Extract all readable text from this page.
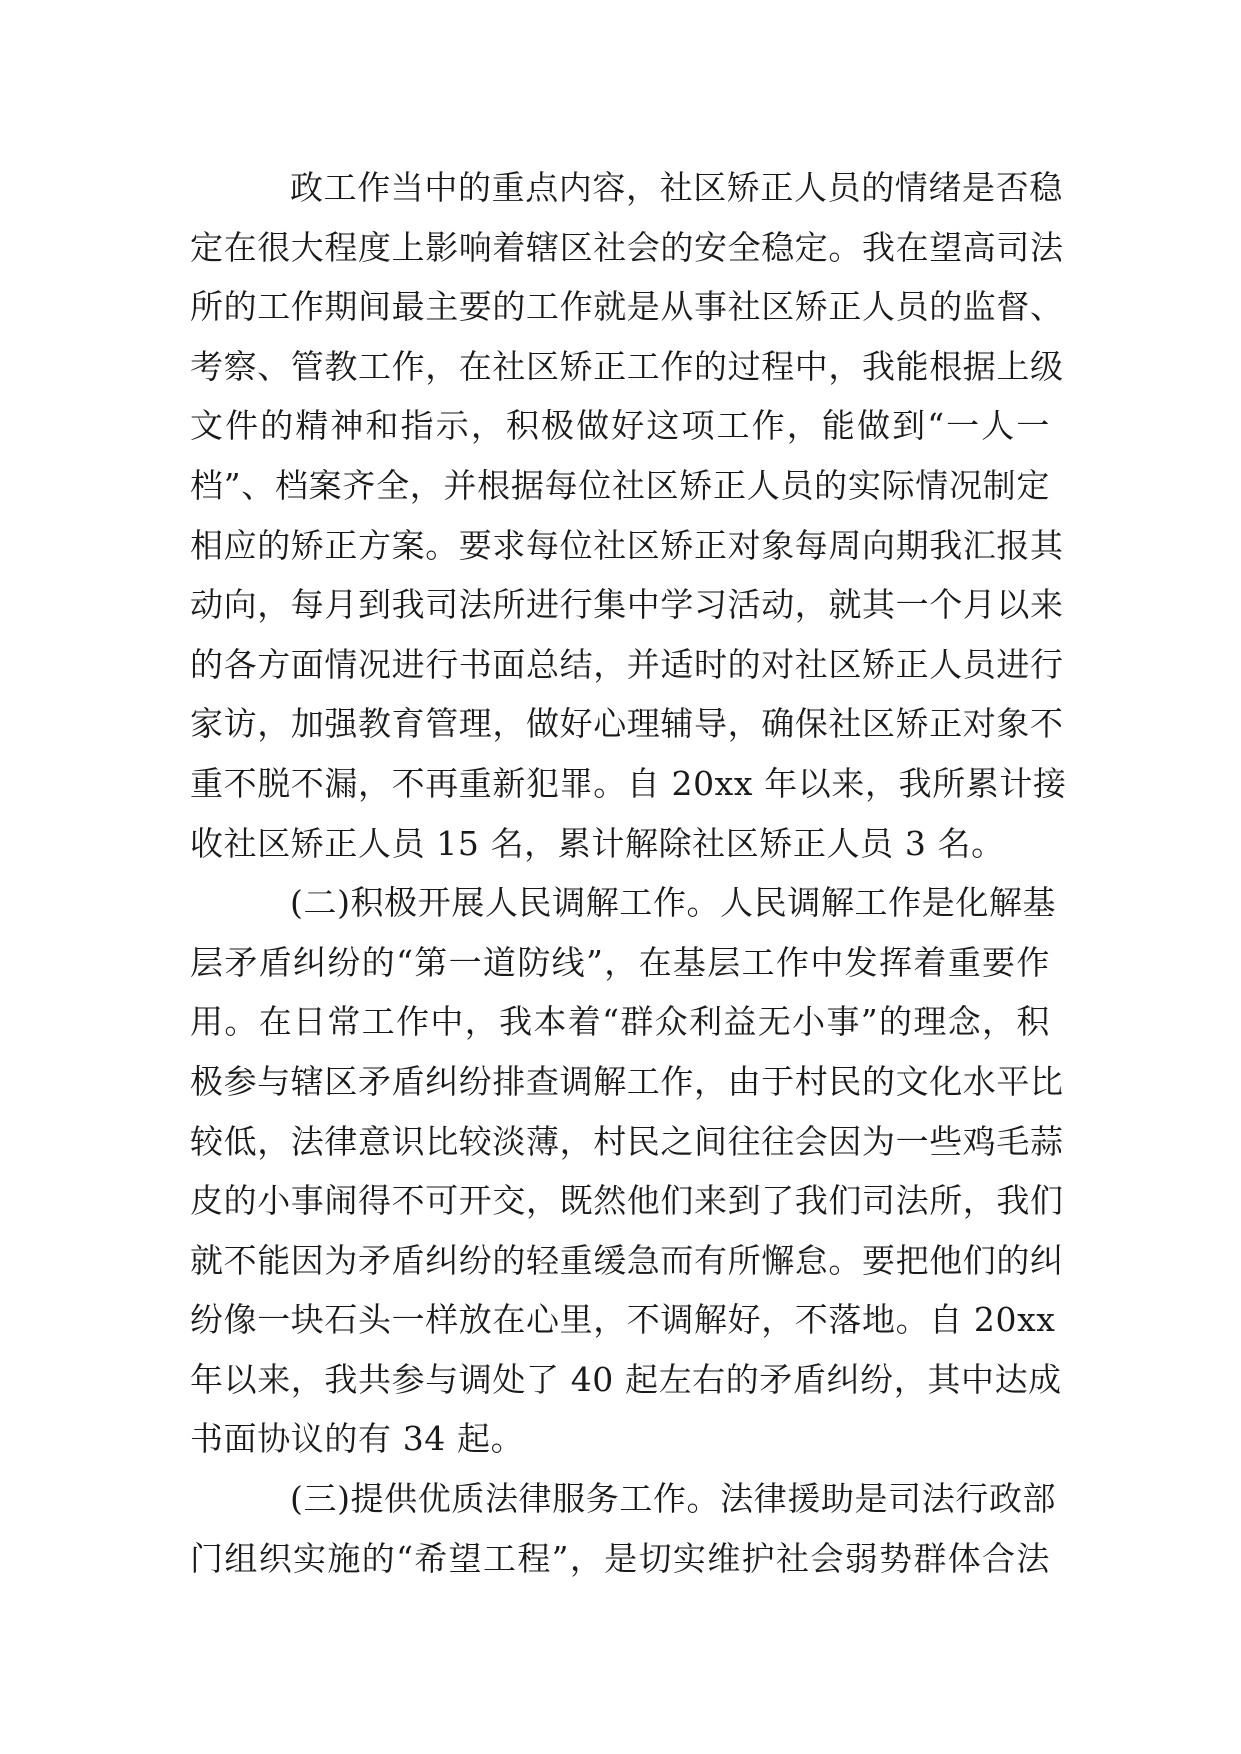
政工作当中的重点内容，社区矫正人员的情绪是否稳
定在很大程度上影响着辖区社会的安全稳定。我在望高司法
所的工作期间最主要的工作就是从事社区矫正人员的监督、
考察、管教工作，在社区矫正工作的过程中，我能根据上级
文件的精神和指示，积极做好这项工作，能做到“一人一
档”、档案齐全，并根据每位社区矫正人员的实际情况制定
相应的矫正方案。要求每位社区矫正对象每周向期我汇报其
动向，每月到我司法所进行集中学习活动，就其一个月以来
的各方面情况进行书面总结，并适时的对社区矫正人员进行
家访，加强教育管理，做好心理辅导，确保社区矫正对象不
重不脱不漏，不再重新犯罪。自 20xx 年以来，我所累计接
收社区矫正人员 15 名，累计解除社区矫正人员 3 名。
(二)积极开展人民调解工作。人民调解工作是化解基
层矛盾纠纷的“第一道防线”，在基层工作中发挥着重要作
用。在日常工作中，我本着“群众利益无小事”的理念，积
极参与辖区矛盾纠纷排查调解工作，由于村民的文化水平比
较低，法律意识比较淡薄，村民之间往往会因为一些鸡毛蒜
皮的小事闹得不可开交，既然他们来到了我们司法所，我们
就不能因为矛盾纠纷的轻重缓急而有所懈怠。要把他们的纠
纷像一块石头一样放在心里，不调解好，不落地。自 20xx
年以来，我共参与调处了 40 起左右的矛盾纠纷，其中达成
书面协议的有 34 起。
(三)提供优质法律服务工作。法律援助是司法行政部
门组织实施的“希望工程”，是切实维护社会弱势群体合法
